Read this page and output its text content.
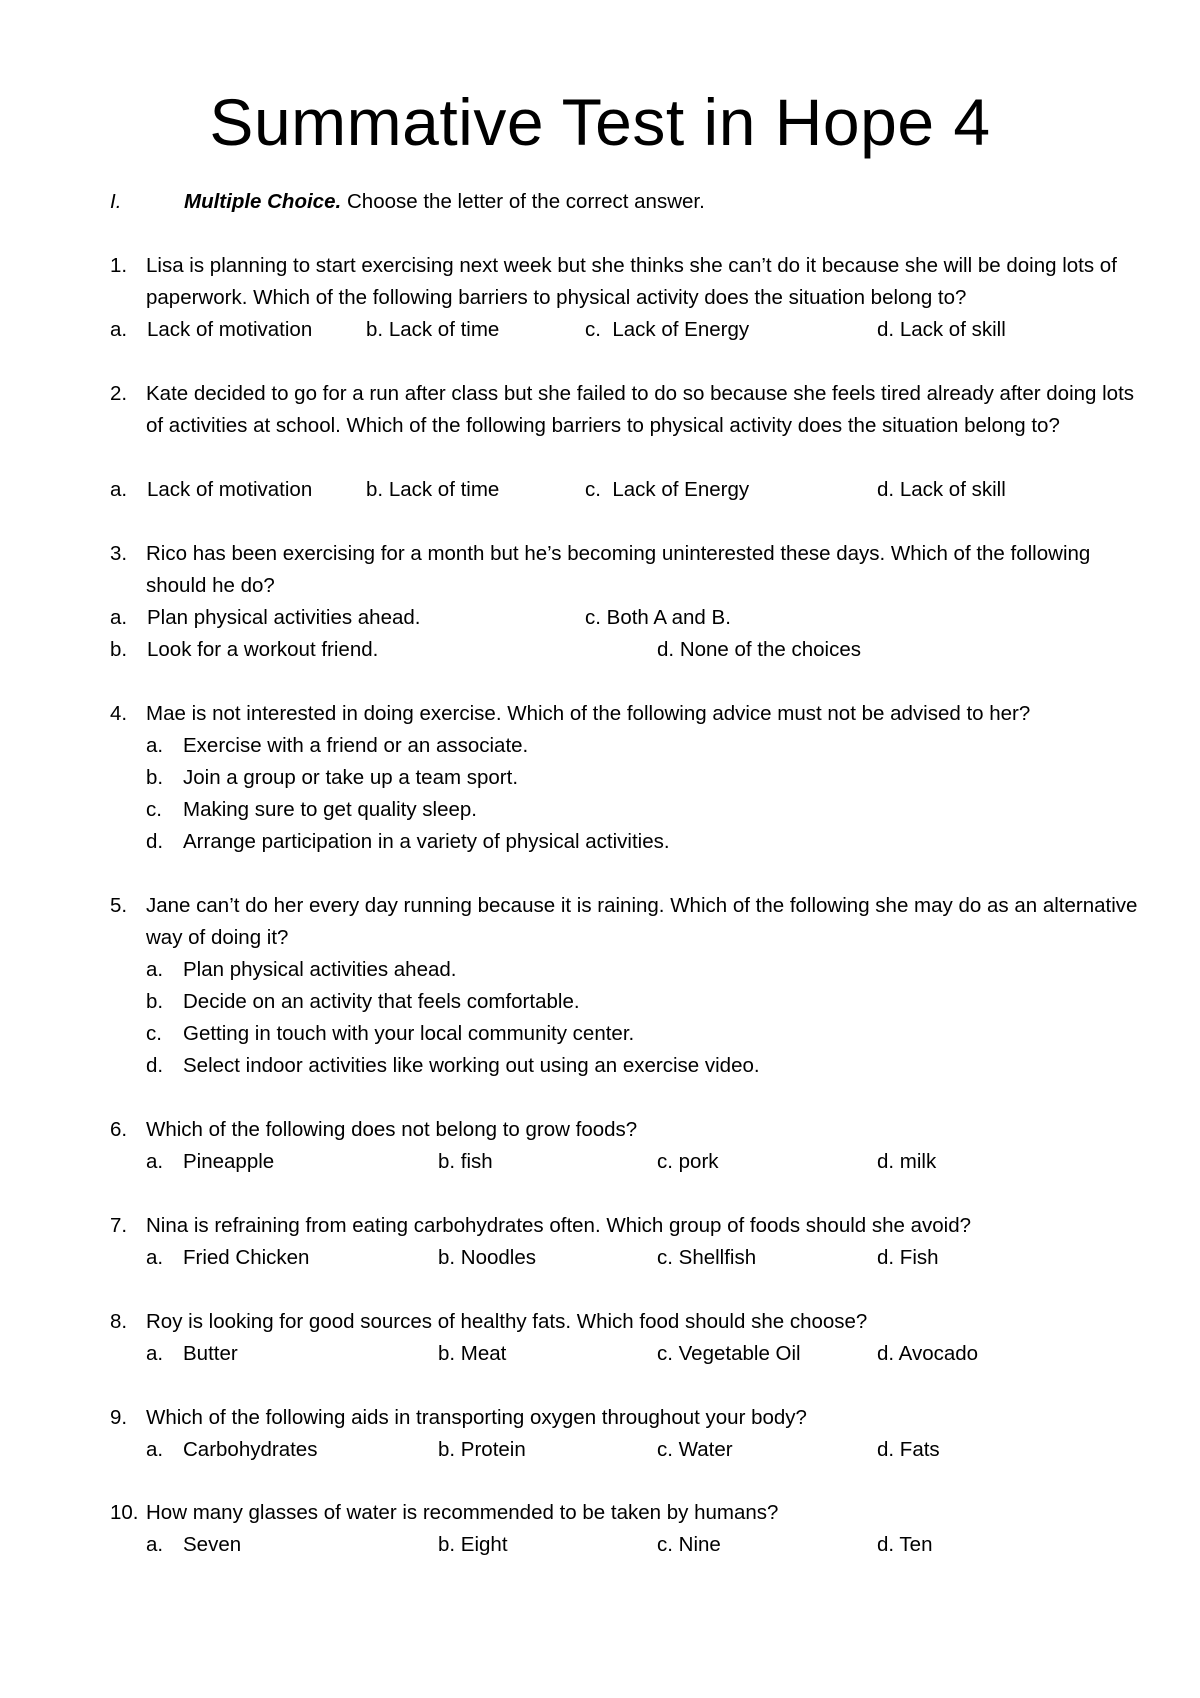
Summative Test in Hope 4
I.	Multiple Choice. Choose the letter of the correct answer.
1. Lisa is planning to start exercising next week but she thinks she can’t do it because she will be doing lots of paperwork. Which of the following barriers to physical activity does the situation belong to?
a. Lack of motivation	b. Lack of time	c. Lack of Energy	d. Lack of skill
2. Kate decided to go for a run after class but she failed to do so because she feels tired already after doing lots of activities at school. Which of the following barriers to physical activity does the situation belong to?
a. Lack of motivation	b. Lack of time	c. Lack of Energy	d. Lack of skill
3. Rico has been exercising for a month but he’s becoming uninterested these days. Which of the following should he do?
a. Plan physical activities ahead.	c. Both A and B.
b. Look for a workout friend.	d. None of the choices
4. Mae is not interested in doing exercise. Which of the following advice must not be advised to her?
a. Exercise with a friend or an associate.
b. Join a group or take up a team sport.
c. Making sure to get quality sleep.
d. Arrange participation in a variety of physical activities.
5. Jane can’t do her every day running because it is raining. Which of the following she may do as an alternative way of doing it?
a. Plan physical activities ahead.
b. Decide on an activity that feels comfortable.
c. Getting in touch with your local community center.
d. Select indoor activities like working out using an exercise video.
6. Which of the following does not belong to grow foods?
a. Pineapple	b. fish	c. pork	d. milk
7. Nina is refraining from eating carbohydrates often. Which group of foods should she avoid?
a. Fried Chicken	b. Noodles	c. Shellfish	d. Fish
8. Roy is looking for good sources of healthy fats. Which food should she choose?
a. Butter	b. Meat	c. Vegetable Oil	d. Avocado
9. Which of the following aids in transporting oxygen throughout your body?
a. Carbohydrates	b. Protein	c. Water	d. Fats
10. How many glasses of water is recommended to be taken by humans?
a. Seven	b. Eight	c. Nine	d. Ten
